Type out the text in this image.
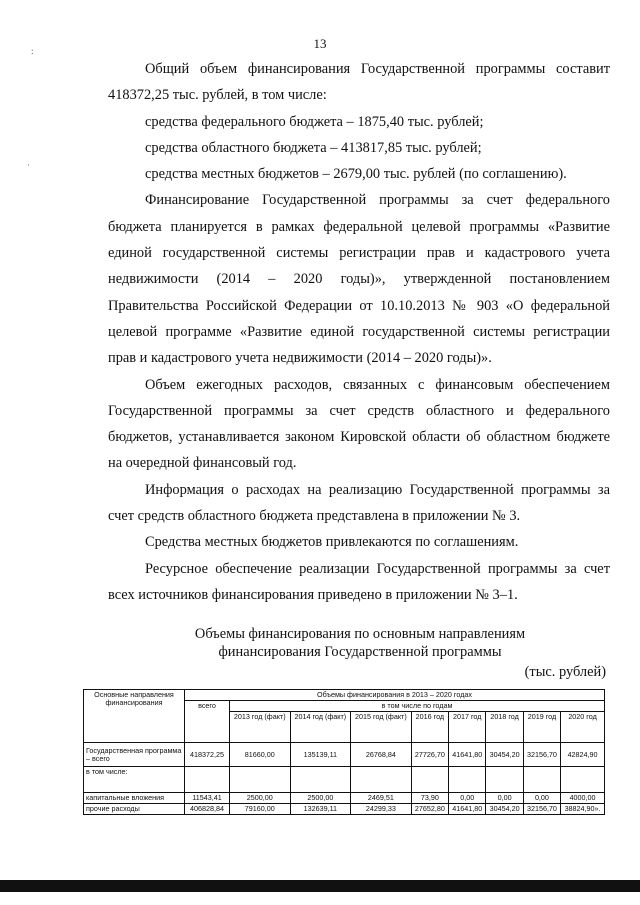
13

Общий объем финансирования Государственной программы составит 418372,25 тыс. рублей, в том числе:

средства федерального бюджета – 1875,40 тыс. рублей;

средства областного бюджета – 413817,85 тыс. рублей;

средства местных бюджетов – 2679,00 тыс. рублей (по соглашению).

Финансирование Государственной программы за счет федерального бюджета планируется в рамках федеральной целевой программы «Развитие единой государственной системы регистрации прав и кадастрового учета недвижимости (2014 – 2020 годы)», утвержденной постановлением Правительства Российской Федерации от 10.10.2013 № 903 «О федеральной целевой программе «Развитие единой государственной системы регистрации прав и кадастрового учета недвижимости (2014 – 2020 годы)».

Объем ежегодных расходов, связанных с финансовым обеспечением Государственной программы за счет средств областного и федерального бюджетов, устанавливается законом Кировской области об областном бюджете на очередной финансовый год.

Информация о расходах на реализацию Государственной программы за счет средств областного бюджета представлена в приложении № 3.

Средства местных бюджетов привлекаются по соглашениям.

Ресурсное обеспечение реализации Государственной программы за счет всех источников финансирования приведено в приложении № 3–1.

Объемы финансирования по основным направлениям
финансирования Государственной программы
(тыс. рублей)
Основные направления финансирования	Объемы финансирования в 2013 – 2020 годах								
	всего	в том числе по годам							
		2013 год (факт)	2014 год (факт)	2015 год (факт)	2016 год	2017 год	2018 год	2019 год	2020 год
Государственная программа – всего	418372,25	81660,00	135139,11	26768,84	27726,70	41641,80	30454,20	32156,70	42824,90
в том числе:									
капитальные вложения	11543,41	2500,00	2500,00	2469,51	73,90	0,00	0,00	0,00	4000,00
прочие расходы	406828,84	79160,00	132639,11	24299,33	27652,80	41641,80	30454,20	32156,70	38824,90».
:
·
